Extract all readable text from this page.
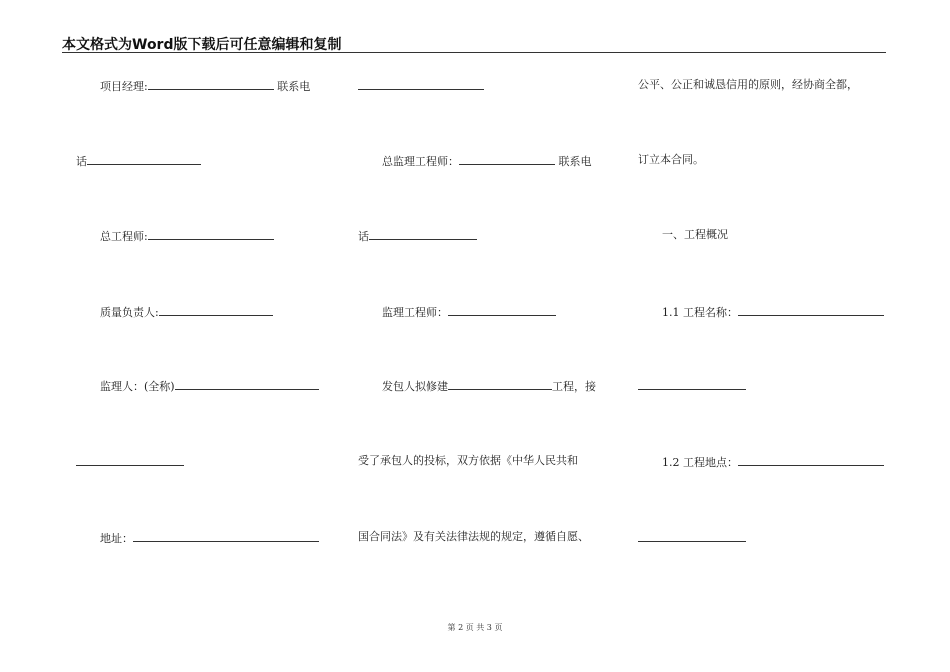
本文格式为Word版下载后可任意编辑和复制
项目经理:	联系电
话
总工程师:
质量负责人:
监理人：(全称)
地址：
总监理工程师：	联系电
话
监理工程师：
发包人拟修建	工程，接
受了承包人的投标，双方依据《中华人民共和
国合同法》及有关法律法规的规定，遵循自愿、
公平、公正和诚恳信用的原则，经协商全都，
订立本合同。
一、工程概况
1.1 工程名称：
1.2 工程地点：
第 2 页 共 3 页
